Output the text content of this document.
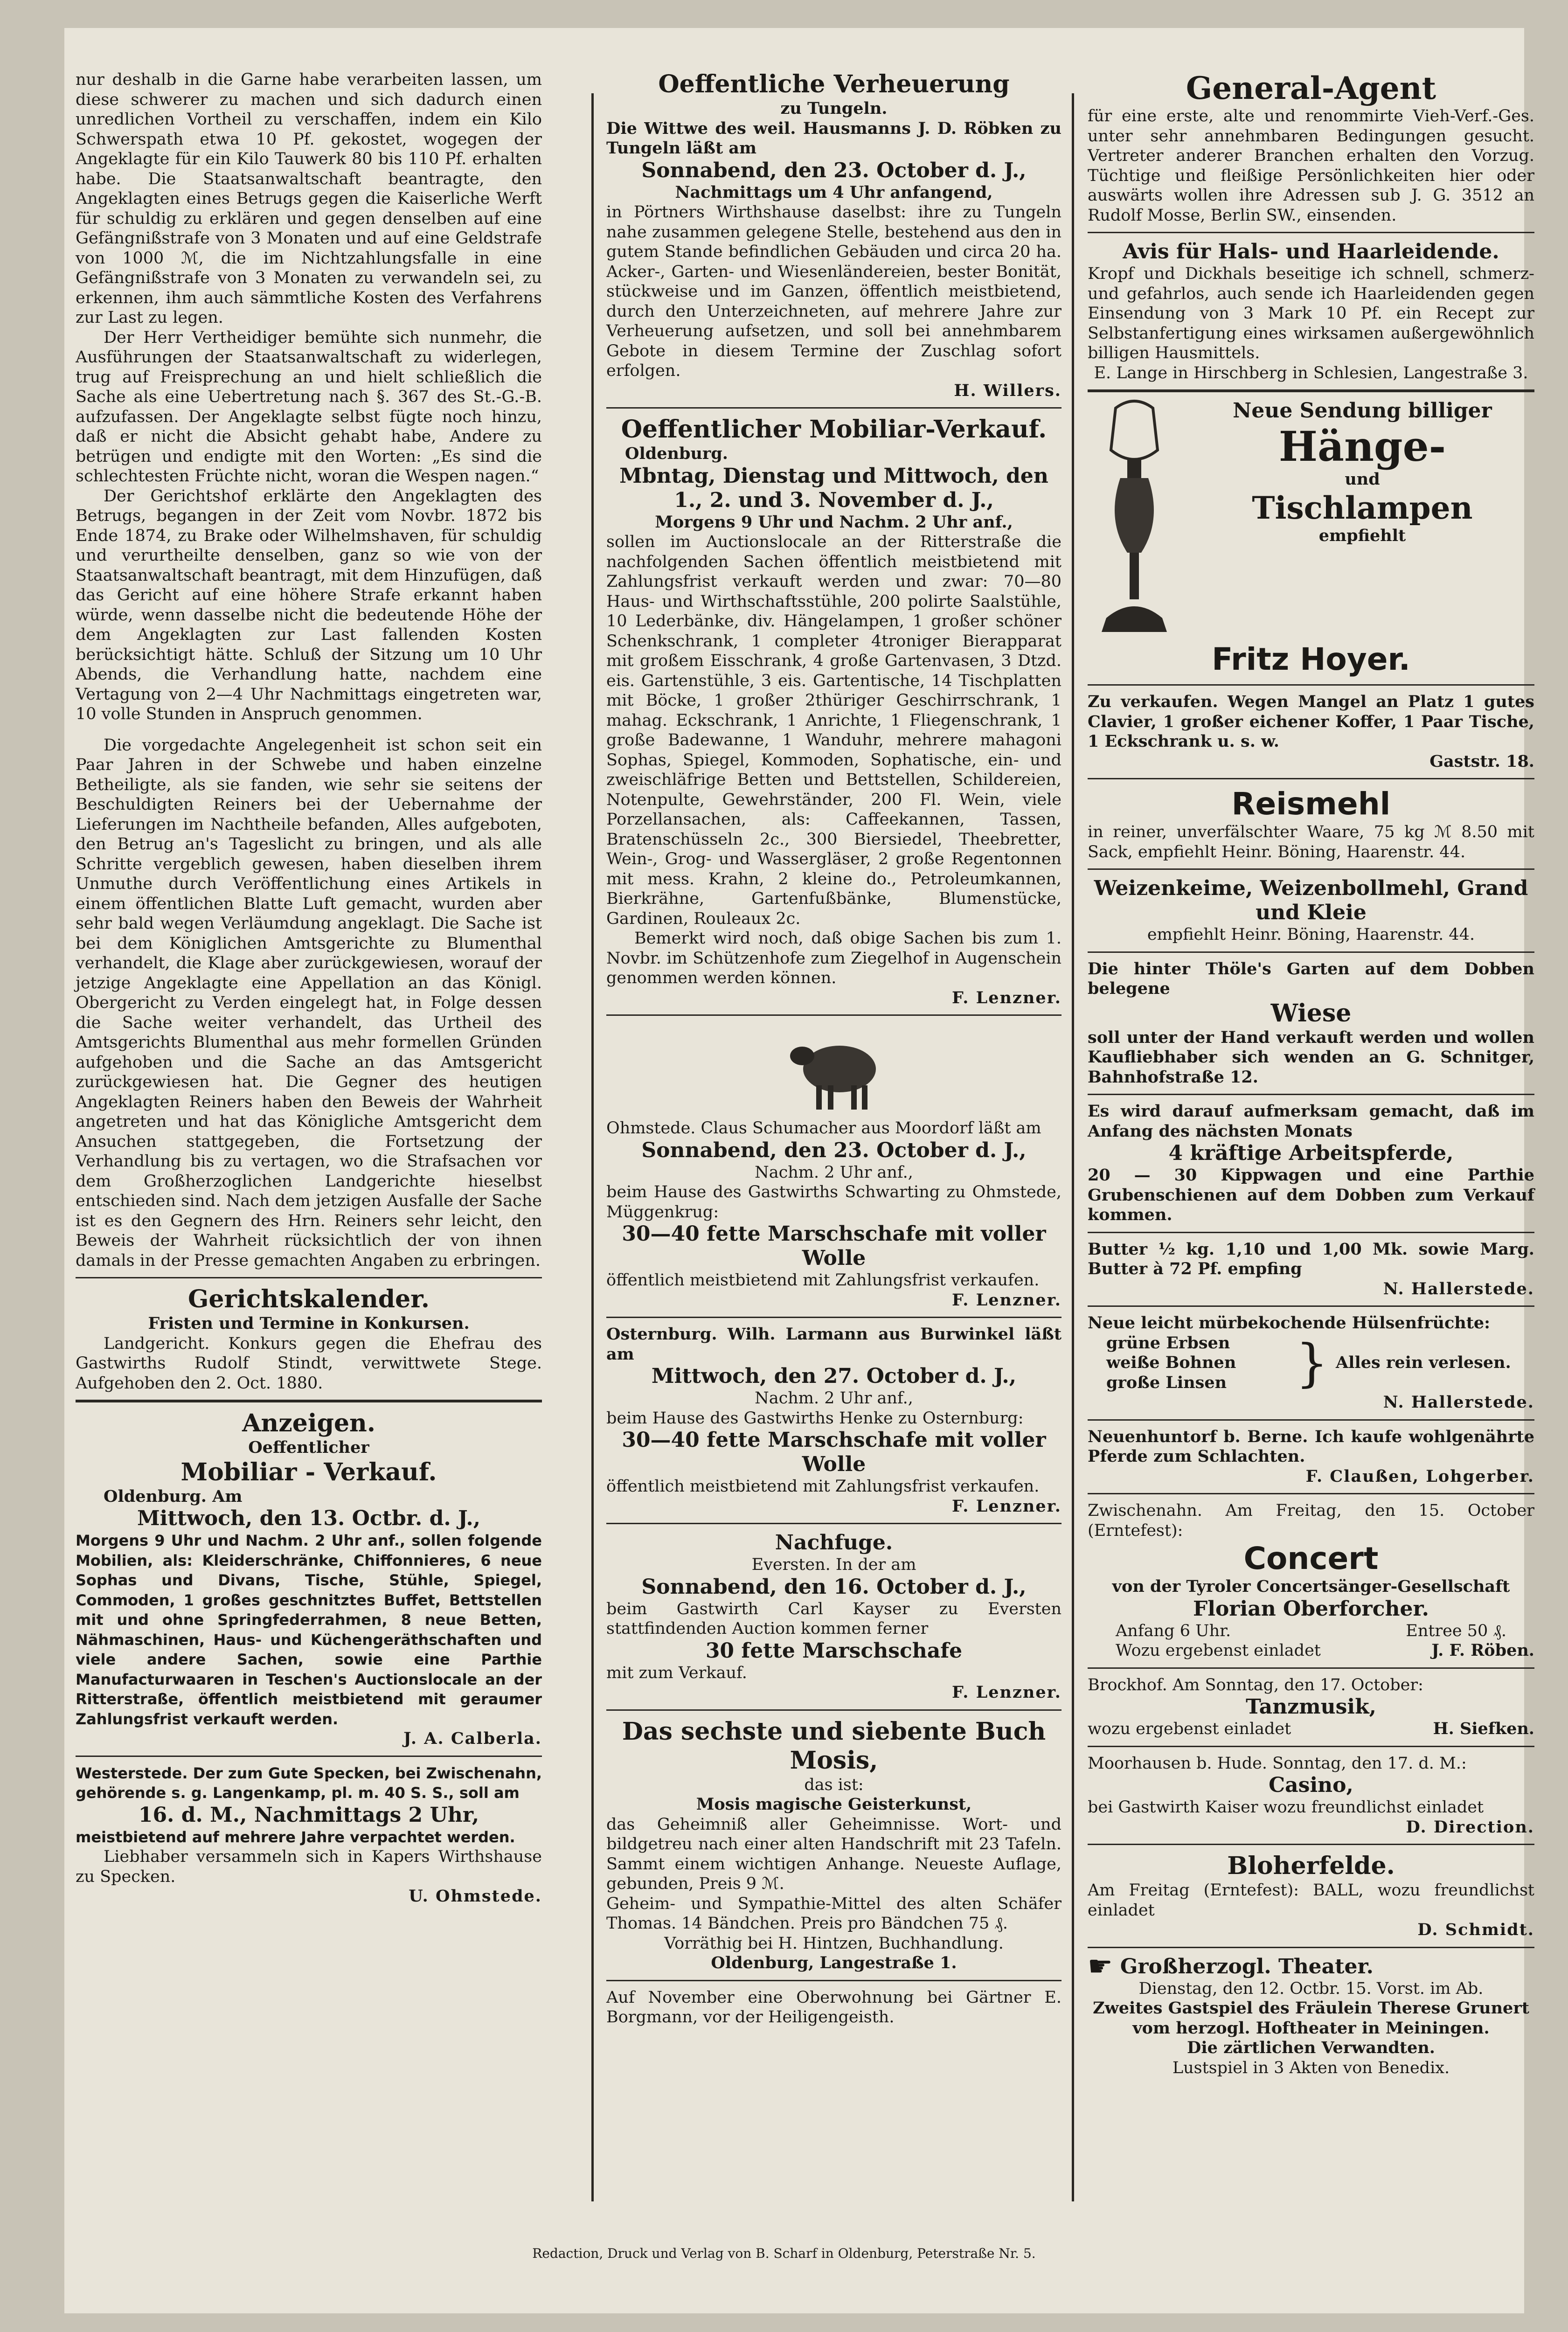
nur deshalb in die Garne habe verarbeiten lassen, um diese schwerer zu machen und sich dadurch einen unredlichen Vortheil zu verschaffen, indem ein Kilo Schwerspath etwa 10 Pf. gekostet, wogegen der Angeklagte für ein Kilo Tauwerk 80 bis 110 Pf. erhalten habe. Die Staatsanwaltschaft beantragte, den Angeklagten eines Betrugs gegen die Kaiserliche Werft für schuldig zu erklären und gegen denselben auf eine Gefängnißstrafe von 3 Monaten und auf eine Geldstrafe von 1000 ℳ, die im Nichtzahlungsfalle in eine Gefängnißstrafe von 3 Monaten zu verwandeln sei, zu erkennen, ihm auch sämmtliche Kosten des Verfahrens zur Last zu legen.

Der Herr Vertheidiger bemühte sich nunmehr, die Ausführungen der Staatsanwaltschaft zu widerlegen, trug auf Freisprechung an und hielt schließlich die Sache als eine Uebertretung nach §. 367 des St.-G.-B. aufzufassen. Der Angeklagte selbst fügte noch hinzu, daß er nicht die Absicht gehabt habe, Andere zu betrügen und endigte mit den Worten: „Es sind die schlechtesten Früchte nicht, woran die Wespen nagen.“

Der Gerichtshof erklärte den Angeklagten des Betrugs, begangen in der Zeit vom Novbr. 1872 bis Ende 1874, zu Brake oder Wilhelmshaven, für schuldig und verurtheilte denselben, ganz so wie von der Staatsanwaltschaft beantragt, mit dem Hinzufügen, daß das Gericht auf eine höhere Strafe erkannt haben würde, wenn dasselbe nicht die bedeutende Höhe der dem Angeklagten zur Last fallenden Kosten berücksichtigt hätte. Schluß der Sitzung um 10 Uhr Abends, die Verhandlung hatte, nachdem eine Vertagung von 2—4 Uhr Nachmittags eingetreten war, 10 volle Stunden in Anspruch genommen.

Die vorgedachte Angelegenheit ist schon seit ein Paar Jahren in der Schwebe und haben einzelne Betheiligte, als sie fanden, wie sehr sie seitens der Beschuldigten Reiners bei der Uebernahme der Lieferungen im Nachtheile befanden, Alles aufgeboten, den Betrug an's Tageslicht zu bringen, und als alle Schritte vergeblich gewesen, haben dieselben ihrem Unmuthe durch Veröffentlichung eines Artikels in einem öffentlichen Blatte Luft gemacht, wurden aber sehr bald wegen Verläumdung angeklagt. Die Sache ist bei dem Königlichen Amtsgerichte zu Blumenthal verhandelt, die Klage aber zurückgewiesen, worauf der jetzige Angeklagte eine Appellation an das Königl. Obergericht zu Verden eingelegt hat, in Folge dessen die Sache weiter verhandelt, das Urtheil des Amtsgerichts Blumenthal aus mehr formellen Gründen aufgehoben und die Sache an das Amtsgericht zurückgewiesen hat. Die Gegner des heutigen Angeklagten Reiners haben den Beweis der Wahrheit angetreten und hat das Königliche Amtsgericht dem Ansuchen stattgegeben, die Fortsetzung der Verhandlung bis zu vertagen, wo die Strafsachen vor dem Großherzoglichen Landgerichte hieselbst entschieden sind. Nach dem jetzigen Ausfalle der Sache ist es den Gegnern des Hrn. Reiners sehr leicht, den Beweis der Wahrheit rücksichtlich der von ihnen damals in der Presse gemachten Angaben zu erbringen.

Gerichtskalender.

Fristen und Termine in Konkursen.

Landgericht. Konkurs gegen die Ehefrau des Gastwirths Rudolf Stindt, verwittwete Stege. Aufgehoben den 2. Oct. 1880.

Anzeigen.

Oeffentlicher

Mobiliar - Verkauf.

Oldenburg. Am

Mittwoch, den 13. Octbr. d. J.,

Morgens 9 Uhr und Nachm. 2 Uhr anf., sollen folgende Mobilien, als: Kleiderschränke, Chiffonnieres, 6 neue Sophas und Divans, Tische, Stühle, Spiegel, Commoden, 1 großes geschnitztes Buffet, Bettstellen mit und ohne Springfederrahmen, 8 neue Betten, Nähmaschinen, Haus- und Küchengeräthschaften und viele andere Sachen, sowie eine Parthie Manufacturwaaren in Teschen's Auctionslocale an der Ritterstraße, öffentlich meistbietend mit geraumer Zahlungsfrist verkauft werden.

J. A. Calberla.

Westerstede. Der zum Gute Specken, bei Zwischenahn, gehörende s. g. Langenkamp, pl. m. 40 S. S., soll am

16. d. M., Nachmittags 2 Uhr,

meistbietend auf mehrere Jahre verpachtet werden.

Liebhaber versammeln sich in Kapers Wirthshause zu Specken.

U. Ohmstede.

Oeffentliche Verheuerung

zu Tungeln.

Die Wittwe des weil. Hausmanns J. D. Röbken zu Tungeln läßt am

Sonnabend, den 23. October d. J.,

Nachmittags um 4 Uhr anfangend,

in Pörtners Wirthshause daselbst: ihre zu Tungeln nahe zusammen gelegene Stelle, bestehend aus den in gutem Stande befindlichen Gebäuden und circa 20 ha. Acker-, Garten- und Wiesenländereien, bester Bonität, stückweise und im Ganzen, öffentlich meistbietend, durch den Unterzeichneten, auf mehrere Jahre zur Verheuerung aufsetzen, und soll bei annehmbarem Gebote in diesem Termine der Zuschlag sofort erfolgen.

H. Willers.

Oeffentlicher Mobiliar-Verkauf.

Oldenburg.

Mbntag, Dienstag und Mittwoch, den 1., 2. und 3. November d. J.,

Morgens 9 Uhr und Nachm. 2 Uhr anf.,

sollen im Auctionslocale an der Ritterstraße die nachfolgenden Sachen öffentlich meistbietend mit Zahlungsfrist verkauft werden und zwar: 70—80 Haus- und Wirthschaftsstühle, 200 polirte Saalstühle, 10 Lederbänke, div. Hängelampen, 1 großer schöner Schenkschrank, 1 completer 4troniger Bierapparat mit großem Eisschrank, 4 große Gartenvasen, 3 Dtzd. eis. Gartenstühle, 3 eis. Gartentische, 14 Tischplatten mit Böcke, 1 großer 2thüriger Geschirrschrank, 1 mahag. Eckschrank, 1 Anrichte, 1 Fliegenschrank, 1 große Badewanne, 1 Wanduhr, mehrere mahagoni Sophas, Spiegel, Kommoden, Sophatische, ein- und zweischläfrige Betten und Bettstellen, Schildereien, Notenpulte, Gewehrständer, 200 Fl. Wein, viele Porzellansachen, als: Caffeekannen, Tassen, Bratenschüsseln 2c., 300 Biersiedel, Theebretter, Wein-, Grog- und Wassergläser, 2 große Regentonnen mit mess. Krahn, 2 kleine do., Petroleumkannen, Bierkrähne, Gartenfußbänke, Blumenstücke, Gardinen, Rouleaux 2c.

Bemerkt wird noch, daß obige Sachen bis zum 1. Novbr. im Schützenhofe zum Ziegelhof in Augenschein genommen werden können.

F. Lenzner.

Ohmstede. Claus Schumacher aus Moordorf läßt am

Sonnabend, den 23. October d. J.,

Nachm. 2 Uhr anf.,

beim Hause des Gastwirths Schwarting zu Ohmstede, Müggenkrug:

30—40 fette Marschschafe mit voller Wolle

öffentlich meistbietend mit Zahlungsfrist verkaufen.

F. Lenzner.

Osternburg. Wilh. Larmann aus Burwinkel läßt am

Mittwoch, den 27. October d. J.,

Nachm. 2 Uhr anf.,

beim Hause des Gastwirths Henke zu Osternburg:

30—40 fette Marschschafe mit voller Wolle

öffentlich meistbietend mit Zahlungsfrist verkaufen.

F. Lenzner.

Nachfuge.

Eversten. In der am

Sonnabend, den 16. October d. J.,

beim Gastwirth Carl Kayser zu Eversten stattfindenden Auction kommen ferner

30 fette Marschschafe

mit zum Verkauf.

F. Lenzner.

Das sechste und siebente Buch Mosis,

das ist:

Mosis magische Geisterkunst,

das Geheimniß aller Geheimnisse. Wort- und bildgetreu nach einer alten Handschrift mit 23 Tafeln. Sammt einem wichtigen Anhange. Neueste Auflage, gebunden, Preis 9 ℳ.

Geheim- und Sympathie-Mittel des alten Schäfer Thomas. 14 Bändchen. Preis pro Bändchen 75 ₰.

Vorräthig bei H. Hintzen, Buchhandlung.

Oldenburg, Langestraße 1.

Auf November eine Oberwohnung bei Gärtner E. Borgmann, vor der Heiligengeisth.

General-Agent

für eine erste, alte und renommirte Vieh-Verf.-Ges. unter sehr annehmbaren Bedingungen gesucht. Vertreter anderer Branchen erhalten den Vorzug. Tüchtige und fleißige Persönlichkeiten hier oder auswärts wollen ihre Adressen sub J. G. 3512 an Rudolf Mosse, Berlin SW., einsenden.

Avis für Hals- und Haarleidende.

Kropf und Dickhals beseitige ich schnell, schmerz- und gefahrlos, auch sende ich Haarleidenden gegen Einsendung von 3 Mark 10 Pf. ein Recept zur Selbstanfertigung eines wirksamen außergewöhnlich billigen Hausmittels.

E. Lange in Hirschberg in Schlesien, Langestraße 3.

Neue Sendung billiger
Hänge-

und

Tischlampen

empfiehlt

Fritz Hoyer.

Zu verkaufen. Wegen Mangel an Platz 1 gutes Clavier, 1 großer eichener Koffer, 1 Paar Tische, 1 Eckschrank u. s. w.

Gaststr. 18.

Reismehl

in reiner, unverfälschter Waare, 75 kg ℳ 8.50 mit Sack, empfiehlt Heinr. Böning, Haarenstr. 44.

Weizenkeime, Weizenbollmehl, Grand und Kleie

empfiehlt Heinr. Böning, Haarenstr. 44.

Die hinter Thöle's Garten auf dem Dobben belegene

Wiese

soll unter der Hand verkauft werden und wollen Kaufliebhaber sich wenden an G. Schnitger, Bahnhofstraße 12.

Es wird darauf aufmerksam gemacht, daß im Anfang des nächsten Monats

4 kräftige Arbeitspferde,

20 — 30 Kippwagen und eine Parthie Grubenschienen auf dem Dobben zum Verkauf kommen.

Butter ½ kg. 1,10 und 1,00 Mk. sowie Marg. Butter à 72 Pf. empfing

N. Hallerstede.

Neue leicht mürbekochende Hülsenfrüchte:

grüne Erbsen
weiße Bohnen
große Linsen	} Alles rein verlesen.

N. Hallerstede.

Neuenhuntorf b. Berne. Ich kaufe wohlgenährte Pferde zum Schlachten.

F. Claußen, Lohgerber.

Zwischenahn. Am Freitag, den 15. October (Erntefest):

Concert

von der Tyroler Concertsänger-Gesellschaft

Florian Oberforcher.
Anfang 6 Uhr.	Entree 50 ₰.
Wozu ergebenst einladet	J. F. Röben.

Brockhof. Am Sonntag, den 17. October:

Tanzmusik,
wozu ergebenst einladet	H. Siefken.

Moorhausen b. Hude. Sonntag, den 17. d. M.:

Casino,

bei Gastwirth Kaiser wozu freundlichst einladet

D. Direction.

Bloherfelde.

Am Freitag (Erntefest): BALL, wozu freundlichst einladet

D. Schmidt.

☛ Großherzogl. Theater.

Dienstag, den 12. Octbr. 15. Vorst. im Ab.

Zweites Gastspiel des Fräulein Therese Grunert vom herzogl. Hoftheater in Meiningen.

Die zärtlichen Verwandten.

Lustspiel in 3 Akten von Benedix.

Redaction, Druck und Verlag von B. Scharf in Oldenburg, Peterstraße Nr. 5.
